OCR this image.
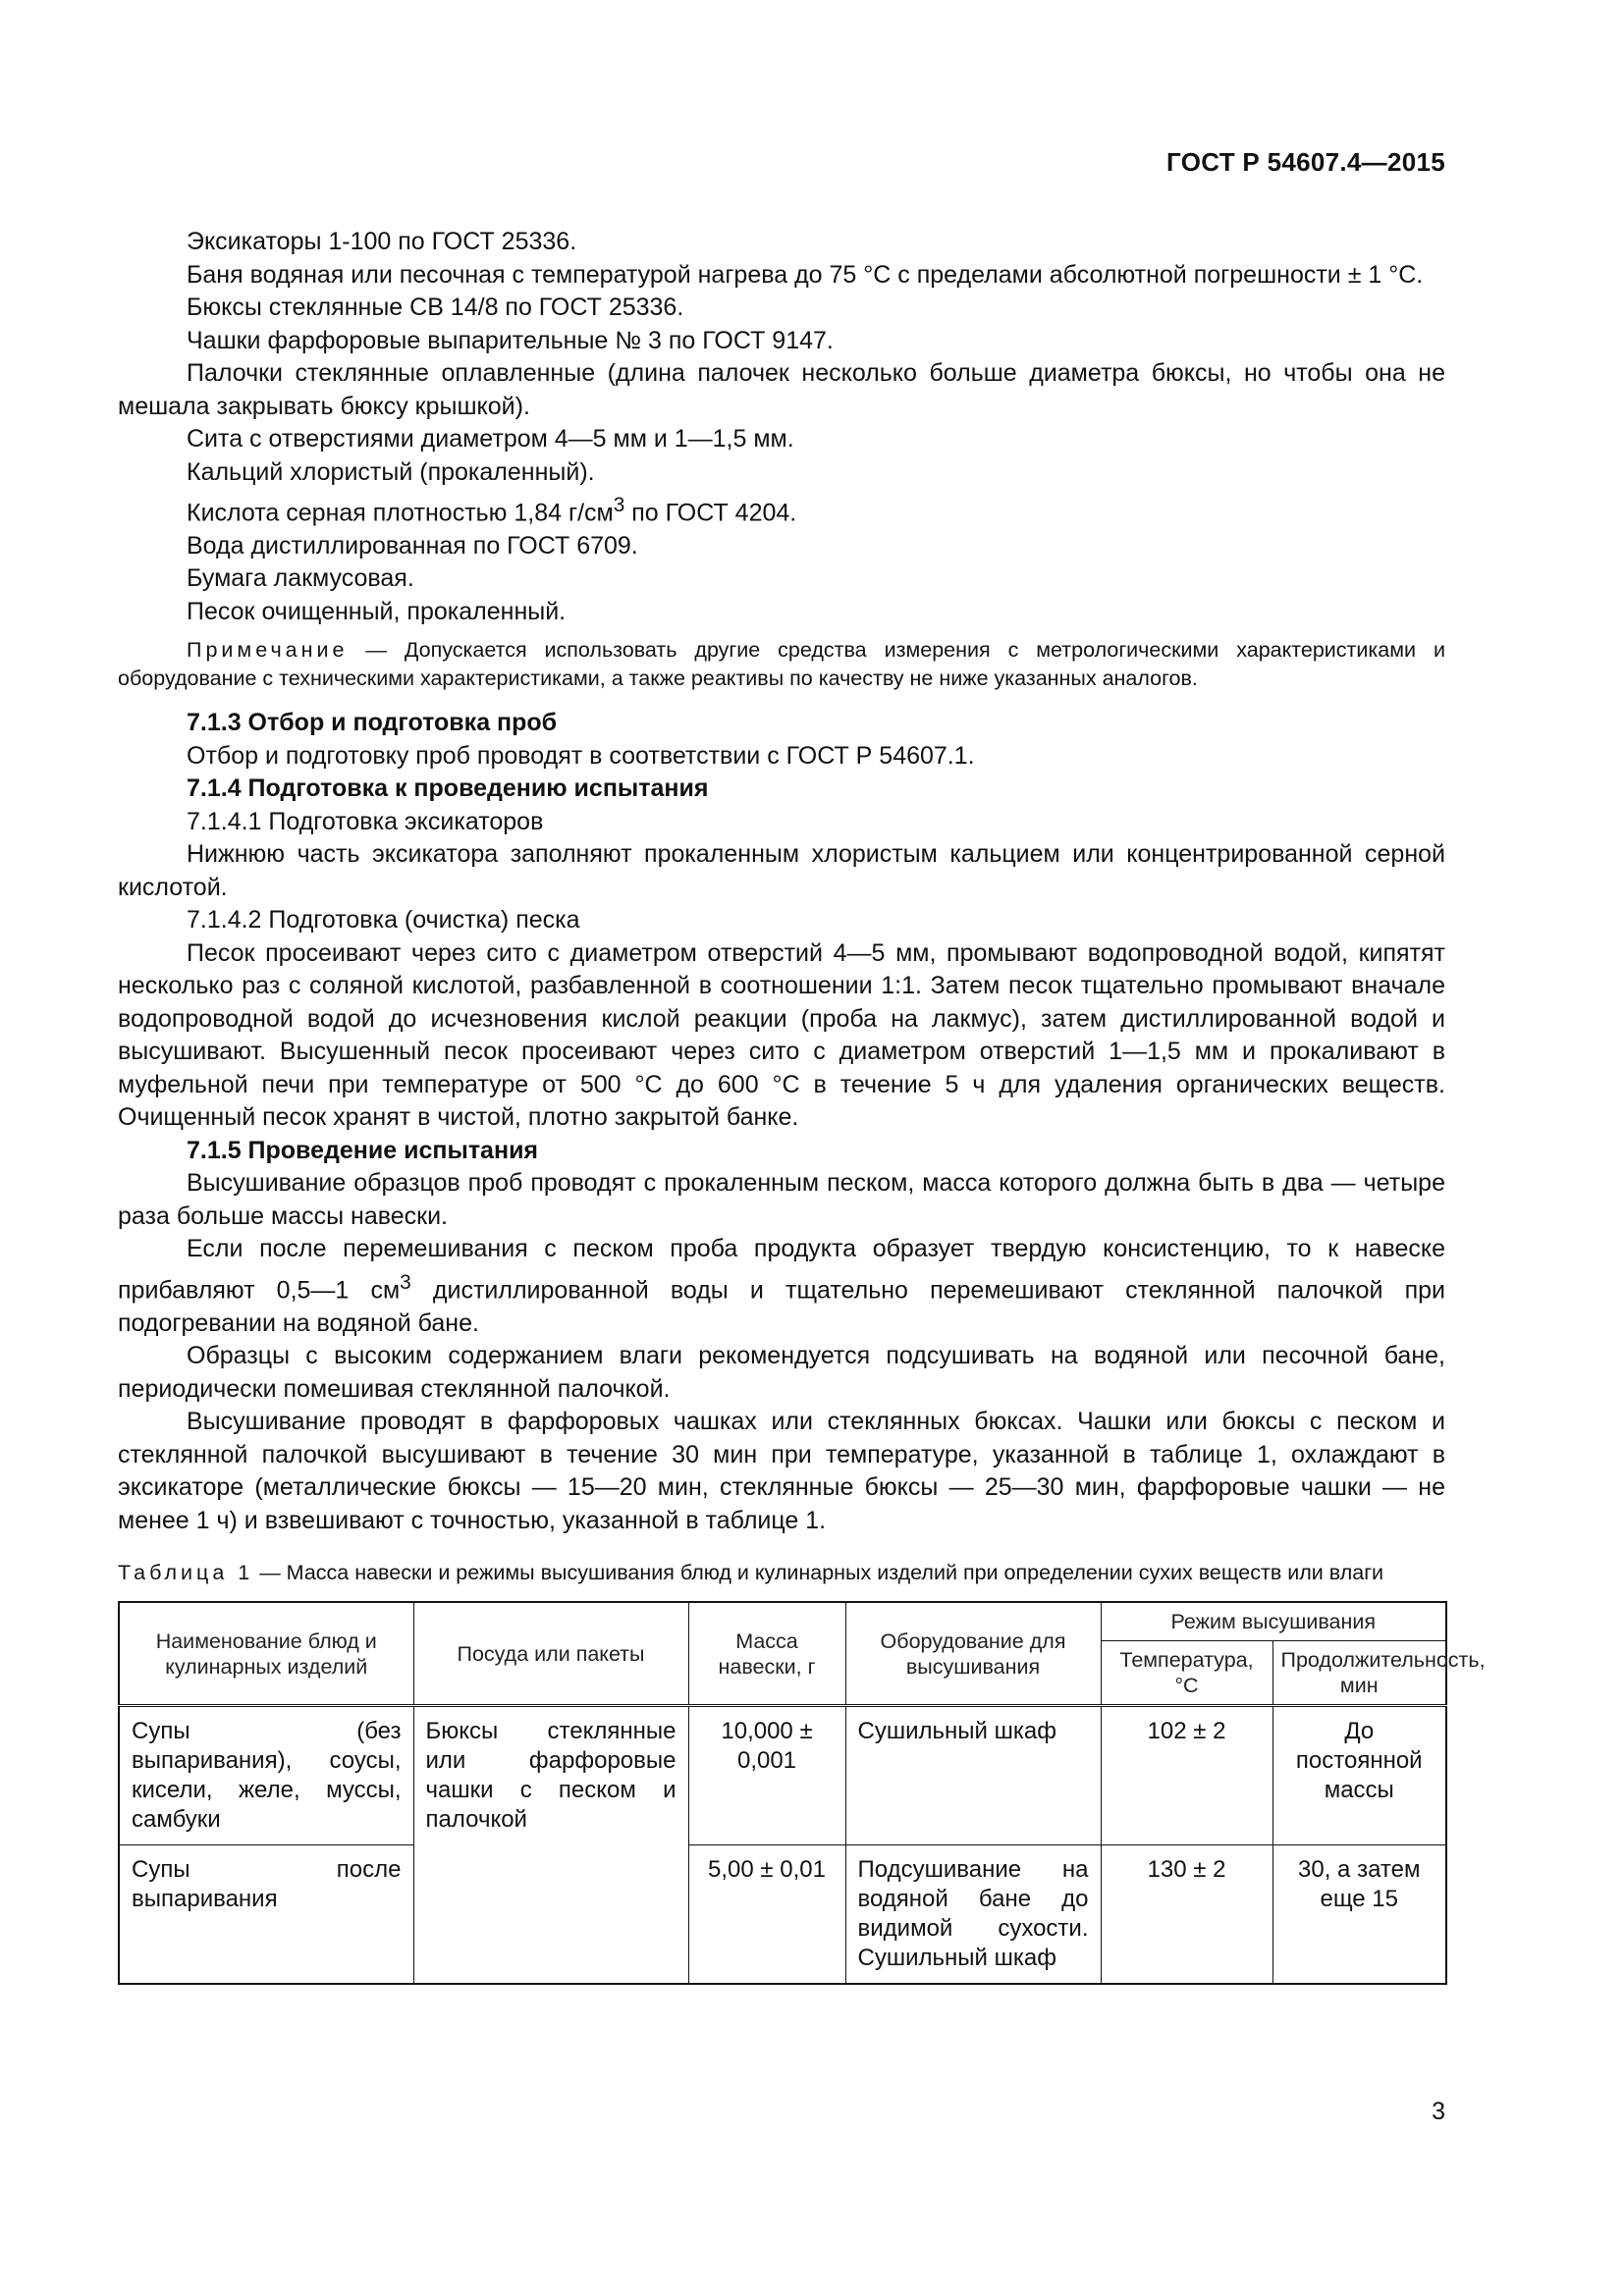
ГОСТ Р 54607.4—2015

Эксикаторы 1-100 по ГОСТ 25336.

Баня водяная или песочная с температурой нагрева до 75 °С с пределами абсолютной погрешности ± 1 °С.

Бюксы стеклянные СВ 14/8 по ГОСТ 25336.

Чашки фарфоровые выпарительные № 3 по ГОСТ 9147.

Палочки стеклянные оплавленные (длина палочек несколько больше диаметра бюксы, но чтобы она не мешала закрывать бюксу крышкой).

Сита с отверстиями диаметром 4—5 мм и 1—1,5 мм.

Кальций хлористый (прокаленный).

Кислота серная плотностью 1,84 $г/см^3$ по ГОСТ 4204.

Вода дистиллированная по ГОСТ 6709.

Бумага лакмусовая.

Песок очищенный, прокаленный.

Примечание — Допускается использовать другие средства измерения с метрологическими характеристиками и оборудование с техническими характеристиками, а также реактивы по качеству не ниже указанных аналогов.

7.1.3 Отбор и подготовка проб

Отбор и подготовку проб проводят в соответствии с ГОСТ Р 54607.1.

7.1.4 Подготовка к проведению испытания

7.1.4.1 Подготовка эксикаторов

Нижнюю часть эксикатора заполняют прокаленным хлористым кальцием или концентрированной серной кислотой.

7.1.4.2 Подготовка (очистка) песка

Песок просеивают через сито с диаметром отверстий 4—5 мм, промывают водопроводной водой, кипятят несколько раз с соляной кислотой, разбавленной в соотношении 1:1. Затем песок тщательно промывают вначале водопроводной водой до исчезновения кислой реакции (проба на лакмус), затем дистиллированной водой и высушивают. Высушенный песок просеивают через сито с диаметром отверстий 1—1,5 мм и прокаливают в муфельной печи при температуре от 500 °С до 600 °С в течение 5 ч для удаления органических веществ. Очищенный песок хранят в чистой, плотно закрытой банке.

7.1.5 Проведение испытания

Высушивание образцов проб проводят с прокаленным песком, масса которого должна быть в два — четыре раза больше массы навески.

Если после перемешивания с песком проба продукта образует твердую консистенцию, то к навеске прибавляют 0,5—1 $см^3$ дистиллированной воды и тщательно перемешивают стеклянной палочкой при подогревании на водяной бане.

Образцы с высоким содержанием влаги рекомендуется подсушивать на водяной или песочной бане, периодически помешивая стеклянной палочкой.

Высушивание проводят в фарфоровых чашках или стеклянных бюксах. Чашки или бюксы с песком и стеклянной палочкой высушивают в течение 30 мин при температуре, указанной в таблице 1, охлаждают в эксикаторе (металлические бюксы — 15—20 мин, стеклянные бюксы — 25—30 мин, фарфоровые чашки — не менее 1 ч) и взвешивают с точностью, указанной в таблице 1.

Таблица 1 — Масса навески и режимы высушивания блюд и кулинарных изделий при определении сухих веществ или влаги
Наименование блюд и кулинарных изделий	Посуда или пакеты	Масса навески, г	Оборудование для высушивания	Режим высушивания	
				Температура, °С	Продолжительность, мин
Супы (без выпаривания), соусы, кисели, желе, муссы, самбуки	Бюксы стеклянные или фарфоровые чашки с песком и палочкой	10,000 ± 0,001	Сушильный шкаф	102 ± 2	До постоянной массы
Супы после выпаривания		5,00 ± 0,01	Подсушивание на водяной бане до видимой сухости. Сушильный шкаф	130 ± 2	30, а затем еще 15
3
